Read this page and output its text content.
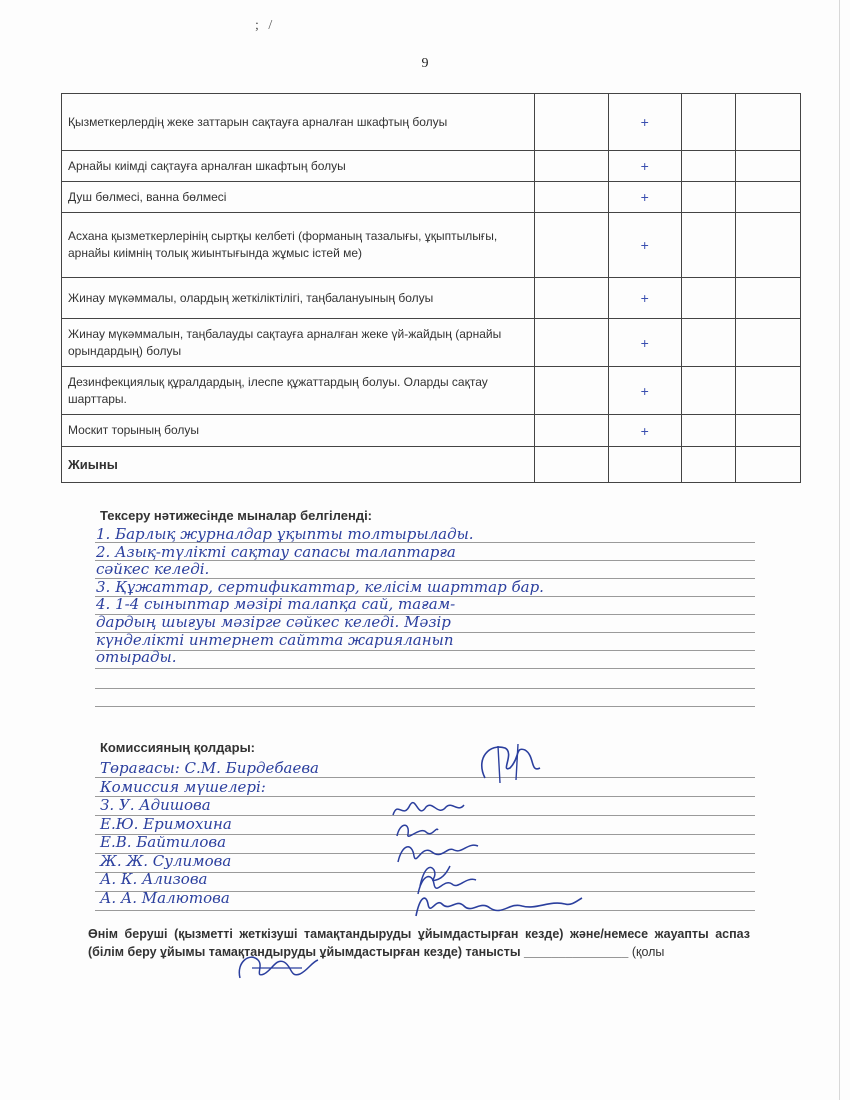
; /
9
Қызметкерлердің жеке заттарын сақтауға арналған шкафтың болуы		+		
Арнайы киімді сақтауға арналған шкафтың болуы		+		
Душ бөлмесі, ванна бөлмесі		+		
Асхана қызметкерлерінің сыртқы келбеті (форманың тазалығы, ұқыптылығы, арнайы киімнің толық жиынтығында жұмыс істей ме)		+		
Жинау мүкәммалы, олардың жеткіліктілігі, таңбалануының болуы		+		
Жинау мүкәммалын, таңбалауды сақтауға арналған жеке үй-жайдың (арнайы орындардың) болуы		+		
Дезинфекциялық құралдардың, ілеспе құжаттардың болуы. Оларды сақтау шарттары.		+		
Москит торының болуы		+		
Жиыны				
Тексеру нәтижесінде мыналар белгіленді:
1. Барлық журналдар ұқыпты толтырылады.
2. Азық-түлікті сақтау сапасы талаптарға
сәйкес келеді.
3. Құжаттар, сертификаттар, келісім шарттар бар.
4. 1-4 сыныптар мәзірі талапқа сай, тағам-
дардың шығуы мәзірге сәйкес келеді. Мәзір
күнделікті интернет сайтта жарияланып
отырады.
Комиссияның қолдары:
Төрағасы: С.М. Бирдебаева
Комиссия мүшелері:
З. У. Адишова
Е.Ю. Еримохина
Е.В. Байтилова
Ж. Ж. Сулимова
А. К. Ализова
А. А. Малютова
Өнім беруші (қызметті жеткізуші тамақтандыруды ұйымдастырған кезде) және/немесе жауапты аспаз (білім беру ұйымы тамақтандыруды ұйымдастырған кезде) танысты _______________ (қолы
